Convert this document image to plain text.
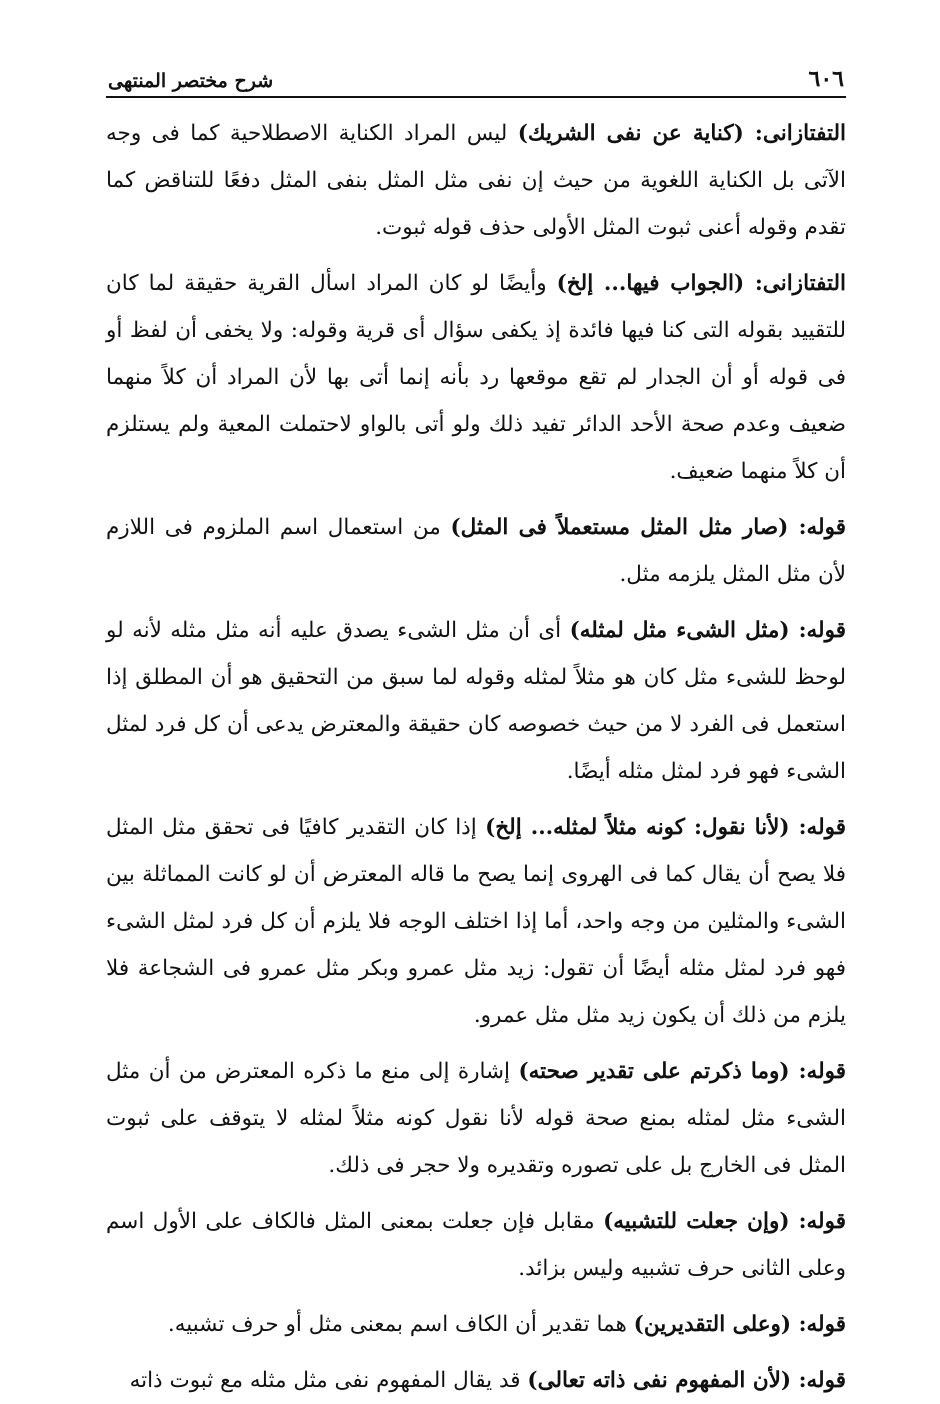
٦٠٦
شرح مختصر المنتهى

التفتازانى: (كناية عن نفى الشريك) ليس المراد الكناية الاصطلاحية كما فى وجه الآتى بل الكناية اللغوية من حيث إن نفى مثل المثل بنفى المثل دفعًا للتناقض كما تقدم وقوله أعنى ثبوت المثل الأولى حذف قوله ثبوت.

التفتازانى: (الجواب فيها... إلخ) وأيضًا لو كان المراد اسأل القرية حقيقة لما كان للتقييد بقوله التى كنا فيها فائدة إذ يكفى سؤال أى قرية وقوله: ولا يخفى أن لفظ أو فى قوله أو أن الجدار لم تقع موقعها رد بأنه إنما أتى بها لأن المراد أن كلاً منهما ضعيف وعدم صحة الأحد الدائر تفيد ذلك ولو أتى بالواو لاحتملت المعية ولم يستلزم أن كلاً منهما ضعيف.

قوله: (صار مثل المثل مستعملاً فى المثل) من استعمال اسم الملزوم فى اللازم لأن مثل المثل يلزمه مثل.

قوله: (مثل الشىء مثل لمثله) أى أن مثل الشىء يصدق عليه أنه مثل مثله لأنه لو لوحظ للشىء مثل كان هو مثلاً لمثله وقوله لما سبق من التحقيق هو أن المطلق إذا استعمل فى الفرد لا من حيث خصوصه كان حقيقة والمعترض يدعى أن كل فرد لمثل الشىء فهو فرد لمثل مثله أيضًا.

قوله: (لأنا نقول: كونه مثلاً لمثله... إلخ) إذا كان التقدير كافيًا فى تحقق مثل المثل فلا يصح أن يقال كما فى الهروى إنما يصح ما قاله المعترض أن لو كانت المماثلة بين الشىء والمثلين من وجه واحد، أما إذا اختلف الوجه فلا يلزم أن كل فرد لمثل الشىء فهو فرد لمثل مثله أيضًا أن تقول: زيد مثل عمرو وبكر مثل عمرو فى الشجاعة فلا يلزم من ذلك أن يكون زيد مثل مثل عمرو.

قوله: (وما ذكرتم على تقدير صحته) إشارة إلى منع ما ذكره المعترض من أن مثل الشىء مثل لمثله بمنع صحة قوله لأنا نقول كونه مثلاً لمثله لا يتوقف على ثبوت المثل فى الخارج بل على تصوره وتقديره ولا حجر فى ذلك.

قوله: (وإن جعلت للتشبيه) مقابل فإن جعلت بمعنى المثل فالكاف على الأول اسم وعلى الثانى حرف تشبيه وليس بزائد.

قوله: (وعلى التقديرين) هما تقدير أن الكاف اسم بمعنى مثل أو حرف تشبيه.

قوله: (لأن المفهوم نفى ذاته تعالى) قد يقال المفهوم نفى مثل مثله مع ثبوت ذاته
